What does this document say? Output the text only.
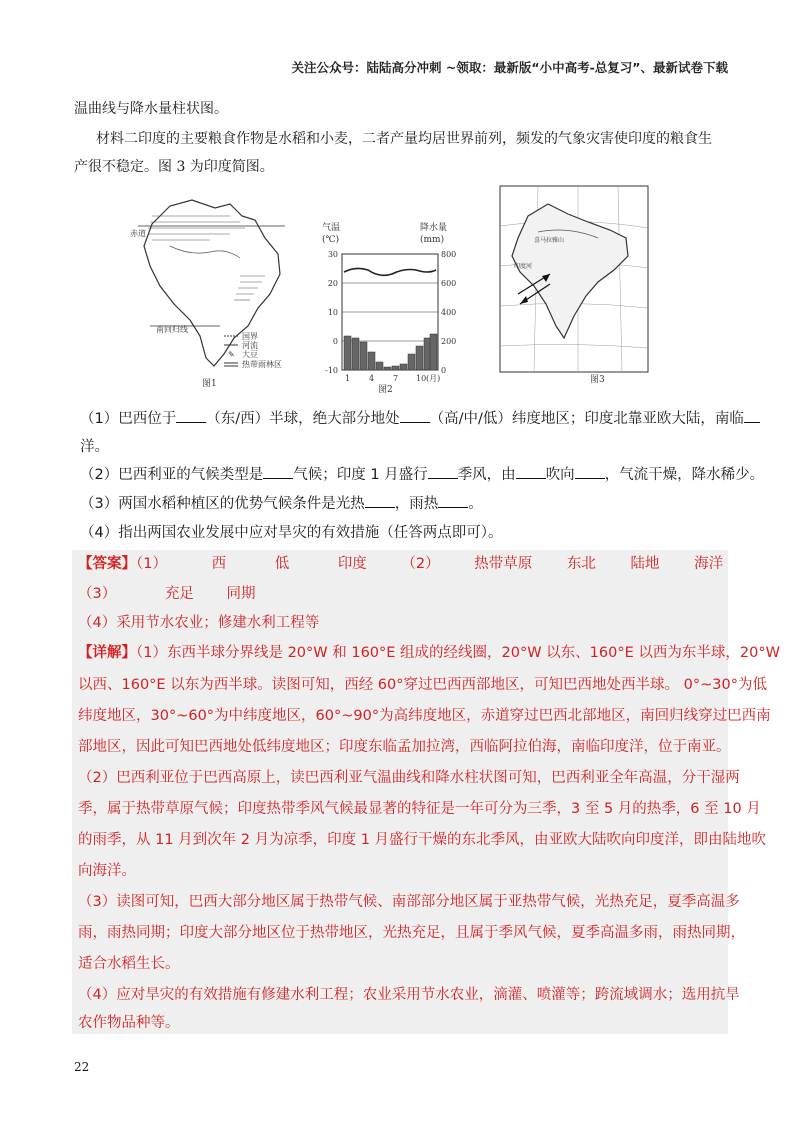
关注公众号：陆陆高分冲刺 ~领取：最新版“小中高考-总复习”、最新试卷下载
温曲线与降水量柱状图。
材料二印度的主要粮食作物是水稻和小麦，二者产量均居世界前列，频发的气象灾害使印度的粮食生
产很不稳定。图 3 为印度简图。
赤道
南回归线
国界
河流
✎ 大豆
热带雨林区
图1
气温
(℃)
降水量
(mm)
30
20
10
0
-10
800
600
400
200
0
1 4 7 10 (月)
图2
喜马拉雅山
印度河
图3
（1）巴西位于 （东/西）半球，绝大部分地处 （高/中/低）纬度地区；印度北靠亚欧大陆，南临
洋。
（2）巴西利亚的气候类型是 气候；印度 1 月盛行 季风，由 吹向 ，气流干燥，降水稀少。
（3）两国水稻种植区的优势气候条件是光热 ，雨热 。
（4）指出两国农业发展中应对旱灾的有效措施（任答两点即可）。
【答案】（1）	西	低	印度 （2） 热带草原 东北 陆地 海洋
（3）	充足 同期
（4）采用节水农业；修建水利工程等
【详解】（1）东西半球分界线是 20°W 和 160°E 组成的经线圈，20°W 以东、160°E 以西为东半球，20°W
以西、160°E 以东为西半球。读图可知，西经 60°穿过巴西西部地区，可知巴西地处西半球。 0°~30°为低
纬度地区，30°~60°为中纬度地区，60°~90°为高纬度地区，赤道穿过巴西北部地区，南回归线穿过巴西南
部地区，因此可知巴西地处低纬度地区；印度东临孟加拉湾，西临阿拉伯海，南临印度洋，位于南亚。
（2）巴西利亚位于巴西高原上，读巴西利亚气温曲线和降水柱状图可知，巴西利亚全年高温，分干湿两
季，属于热带草原气候；印度热带季风气候最显著的特征是一年可分为三季，3 至 5 月的热季，6 至 10 月
的雨季，从 11 月到次年 2 月为凉季，印度 1 月盛行干燥的东北季风，由亚欧大陆吹向印度洋，即由陆地吹
向海洋。
（3）读图可知，巴西大部分地区属于热带气候、南部部分地区属于亚热带气候，光热充足，夏季高温多
雨，雨热同期；印度大部分地区位于热带地区，光热充足，且属于季风气候，夏季高温多雨，雨热同期，
适合水稻生长。
（4）应对旱灾的有效措施有修建水利工程；农业采用节水农业，滴灌、喷灌等；跨流域调水；选用抗旱
农作物品种等。
22
